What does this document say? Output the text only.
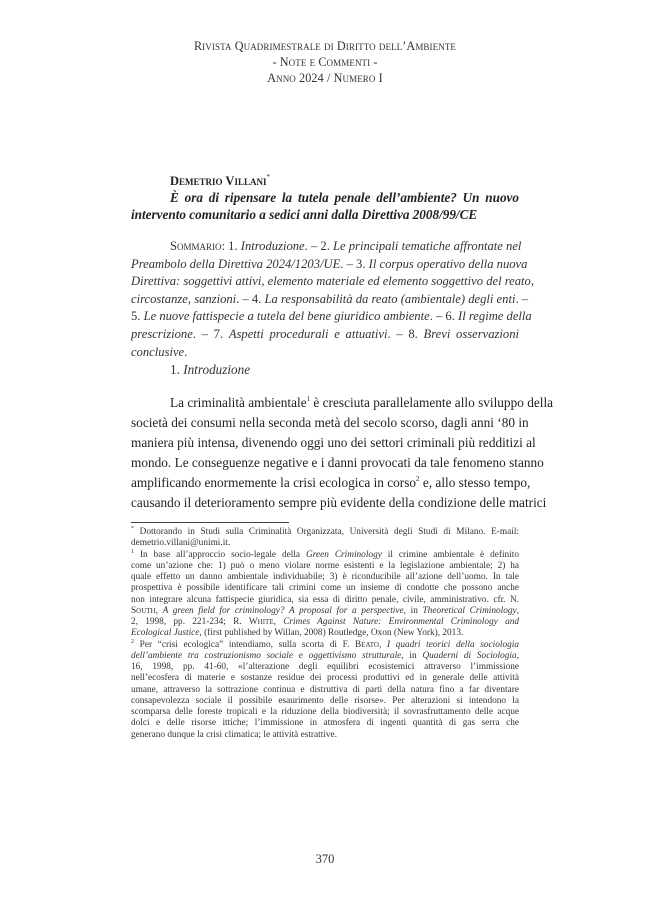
Rivista Quadrimestrale di Diritto dell’Ambiente
- Note e Commenti -
Anno 2024 / Numero I
Demetrio Villani*
È ora di ripensare la tutela penale dell’ambiente? Un nuovo
intervento comunitario a sedici anni dalla Direttiva 2008/99/CE
Sommario: 1. Introduzione. – 2. Le principali tematiche affrontate nel
Preambolo della Direttiva 2024/1203/UE. – 3. Il corpus operativo della nuova
Direttiva: soggettivi attivi, elemento materiale ed elemento soggettivo del reato,
circostanze, sanzioni. – 4. La responsabilità da reato (ambientale) degli enti. –
5. Le nuove fattispecie a tutela del bene giuridico ambiente. – 6. Il regime della
prescrizione. – 7. Aspetti procedurali e attuativi. – 8. Brevi osservazioni
conclusive.
1. Introduzione
La criminalità ambientale$^1$ è cresciuta parallelamente allo sviluppo della
società dei consumi nella seconda metà del secolo scorso, dagli anni ‘80 in
maniera più intensa, divenendo oggi uno dei settori criminali più redditizi al
mondo. Le conseguenze negative e i danni provocati da tale fenomeno stanno
amplificando enormemente la crisi ecologica in corso$^2$ e, allo stesso tempo,
causando il deterioramento sempre più evidente della condizione delle matrici
* Dottorando in Studi sulla Criminalità Organizzata, Università degli Studi di Milano. E-mail:
demetrio.villani@unimi.it.
$^1$ In base all’approccio socio-legale della Green Criminology il crimine ambientale è definito
come un’azione che: 1) può o meno violare norme esistenti e la legislazione ambientale; 2) ha
quale effetto un danno ambientale individuabile; 3) è riconducibile all’azione dell’uomo. In tale
prospettiva è possibile identificare tali crimini come un insieme di condotte che possono anche
non integrare alcuna fattispecie giuridica, sia essa di diritto penale, civile, amministrativo. cfr. N.
South, A green field for criminology? A proposal for a perspective, in Theoretical Criminology,
2, 1998, pp. 221-234; R. White, Crimes Against Nature: Environmental Criminology and
Ecological Justice, (first published by Willan, 2008) Routledge, Oxon (New York), 2013.
$^2$ Per “crisi ecologica” intendiamo, sulla scorta di F. Beato, I quadri teorici della sociologia
dell’ambiente tra costruzionismo sociale e oggettivismo strutturale, in Quaderni di Sociologia,
16, 1998, pp. 41-60, «l’alterazione degli equilibri ecosistemici attraverso l’immissione
nell’ecosfera di materie e sostanze residue dei processi produttivi ed in generale delle attività
umane, attraverso la sottrazione continua e distruttiva di parti della natura fino a far diventare
consapevolezza sociale il possibile esaurimento delle risorse». Per alterazioni si intendono la
scomparsa delle foreste tropicali e la riduzione della biodiversità; il sovrasfruttamento delle acque
dolci e delle risorse ittiche; l’immissione in atmosfera di ingenti quantità di gas serra che
generano dunque la crisi climatica; le attività estrattive.
370
